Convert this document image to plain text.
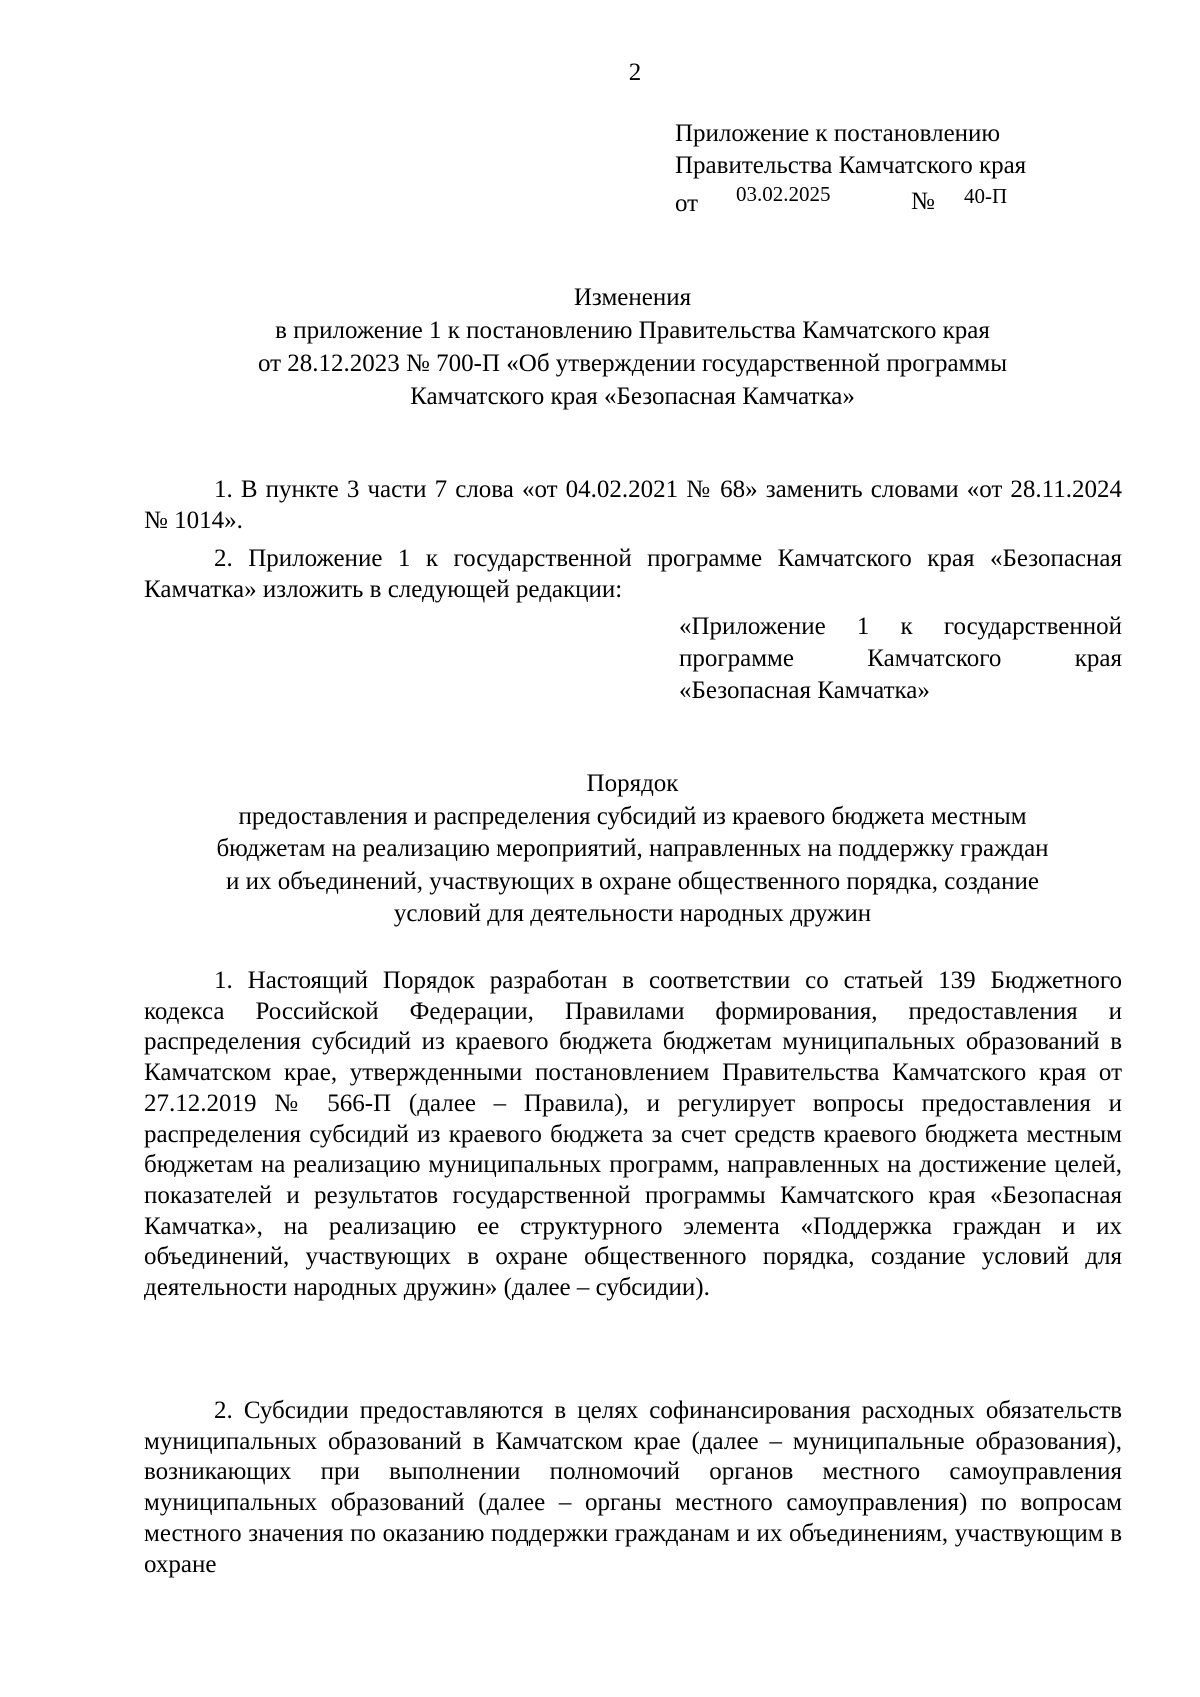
2
Приложение к постановлению
Правительства Камчатского края
от 03.02.2025	№ 40-П
Изменения
в приложение 1 к постановлению Правительства Камчатского края
от 28.12.2023 № 700-П «Об утверждении государственной программы
Камчатского края «Безопасная Камчатка»
1. В пункте 3 части 7 слова «от 04.02.2021 № 68» заменить словами «от 28.11.2024 № 1014».
2. Приложение 1 к государственной программе Камчатского края «Безопасная Камчатка» изложить в следующей редакции:
«Приложение 1 к государственной
программе Камчатского края
«Безопасная Камчатка»
Порядок
предоставления и распределения субсидий из краевого бюджета местным
бюджетам на реализацию мероприятий, направленных на поддержку граждан
и их объединений, участвующих в охране общественного порядка, создание
условий для деятельности народных дружин
1. Настоящий Порядок разработан в соответствии со статьей 139 Бюджетного кодекса Российской Федерации, Правилами формирования, предоставления и распределения субсидий из краевого бюджета бюджетам муниципальных образований в Камчатском крае, утвержденными постановлением Правительства Камчатского края от 27.12.2019 № 566-П (далее – Правила), и регулирует вопросы предоставления и распределения субсидий из краевого бюджета за счет средств краевого бюджета местным бюджетам на реализацию муниципальных программ, направленных на достижение целей, показателей и результатов государственной программы Камчатского края «Безопасная Камчатка», на реализацию ее структурного элемента «Поддержка граждан и их объединений, участвующих в охране общественного порядка, создание условий для деятельности народных дружин» (далее – субсидии).
2. Субсидии предоставляются в целях софинансирования расходных обязательств муниципальных образований в Камчатском крае (далее – муниципальные образования), возникающих при выполнении полномочий органов местного самоуправления муниципальных образований (далее – органы местного самоуправления) по вопросам местного значения по оказанию поддержки гражданам и их объединениям, участвующим в охране
